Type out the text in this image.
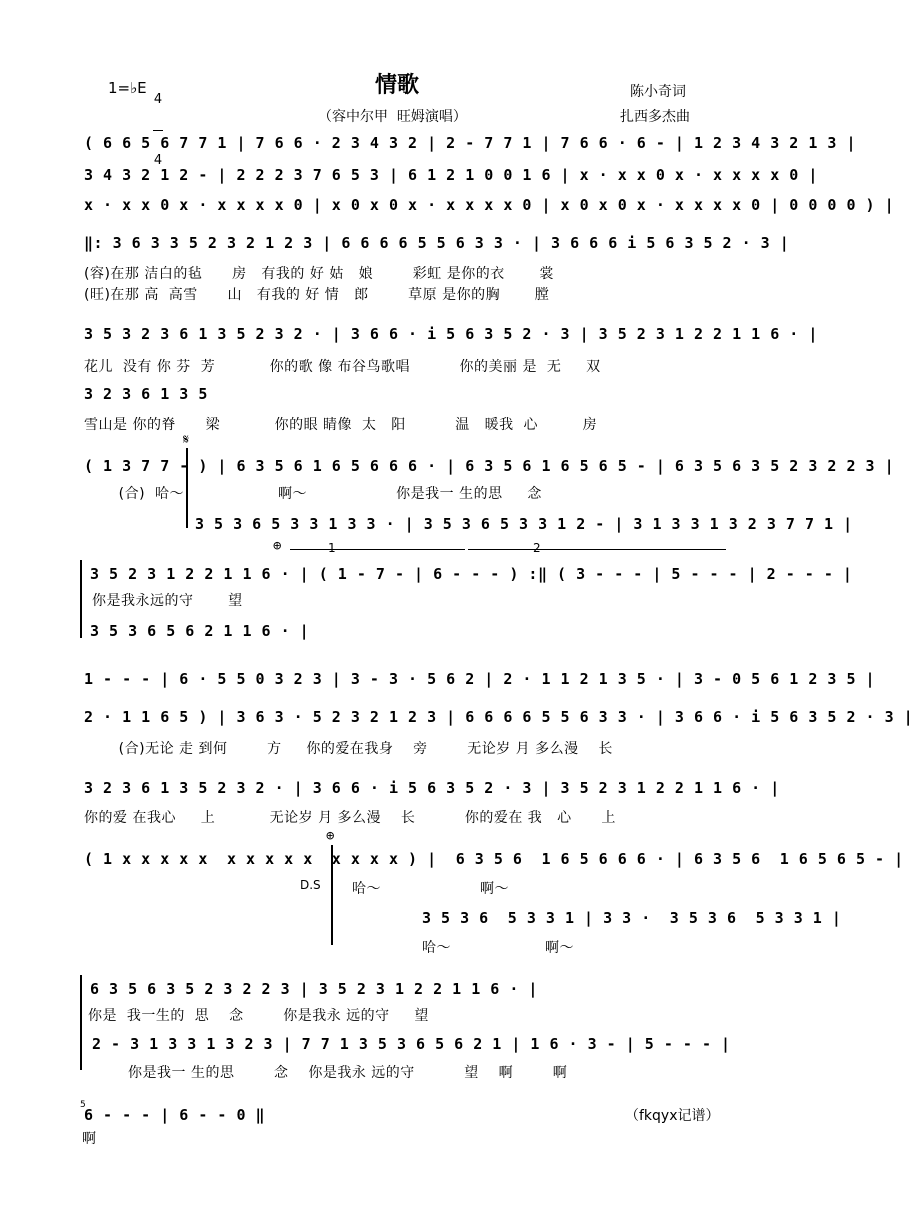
1=♭E

4

4

情歌
（容中尔甲  旺姆演唱）
陈小奇词
扎西多杰曲
( 6 6 5 6 7 7 1 | 7 6 6 · 2 3 4 3 2 | 2 - 7 7 1 | 7 6 6 · 6 - | 1 2 3 4 3 2 1 3 |
3 4 3 2 1 2 - | 2 2 2 3 7 6 5 3 | 6 1 2 1 0 0 1 6 | x · x x 0 x · x x x x 0 |
x · x x 0 x · x x x x 0 | x 0 x 0 x · x x x x 0 | x 0 x 0 x · x x x x 0 | 0 0 0 0 ) |
‖: 3 6 3 3 5 2 3 2 1 2 3 | 6 6 6 6 5 5 6 3 3 · | 3 6 6 6 i 5 6 3 5 2 · 3 |
(容)在那 洁白的毡      房   有我的 好 姑   娘        彩虹 是你的衣       裳
(旺)在那 高  高雪      山   有我的 好 情   郎        草原 是你的胸       膛
3 5 3 2 3 6 1 3 5 2 3 2 · | 3 6 6 · i 5 6 3 5 2 · 3 | 3 5 2 3 1 2 2 1 1 6 · |
花儿  没有 你 芬  芳           你的歌 像 布谷鸟歌唱          你的美丽 是  无     双
3 2 3 6 1 3 5
雪山是 你的脊      梁           你的眼 睛像  太   阳          温   暖我  心         房
𝄋
( 1 3 7 7 - ) | 6 3 5 6 1 6 5 6 6 6 · | 6 3 5 6 1 6 5 6 5 - | 6 3 5 6 3 5 2 3 2 2 3 |
(合)  哈～                   啊～                  你是我一 生的思     念
3 5 3 6 5 3 3 1 3 3 · | 3 5 3 6 5 3 3 1 2 - | 3 1 3 3 1 3 2 3 7 7 1 |
⊕	1	2
3 5 2 3 1 2 2 1 1 6 · | ( 1 - 7 - | 6 - - - ) :‖ ( 3 - - - | 5 - - - | 2 - - - |
你是我永远的守       望
3 5 3 6 5 6 2 1 1 6 · |
1 - - - | 6 · 5 5 0 3 2 3 | 3 - 3 · 5 6 2 | 2 · 1 1 2 1 3 5 · | 3 - 0 5 6 1 2 3 5 |
2 · 1 1 6 5 ) | 3 6 3 · 5 2 3 2 1 2 3 | 6 6 6 6 5 5 6 3 3 · | 3 6 6 · i 5 6 3 5 2 · 3 |
(合)无论 走 到何        方     你的爱在我身    旁        无论岁 月 多么漫    长
3 2 3 6 1 3 5 2 3 2 · | 3 6 6 · i 5 6 3 5 2 · 3 | 3 5 2 3 1 2 2 1 1 6 · |
你的爱 在我心     上           无论岁 月 多么漫    长          你的爱在 我   心      上
⊕
( 1 x x x x x  x x x x x  x x x x ) |  6 3 5 6  1 6 5 6 6 6 · | 6 3 5 6  1 6 5 6 5 - |
D.S 哈～                    啊～
3 5 3 6  5 3 3 1 | 3 3 ·  3 5 3 6  5 3 3 1 |
哈～                   啊～
6 3 5 6 3 5 2 3 2 2 3 | 3 5 2 3 1 2 2 1 1 6 · |
你是  我一生的  思    念        你是我永 远的守     望
2 - 3 1 3 3 1 3 2 3 | 7 7 1 3 5 3 6 5 6 2 1 | 1 6 · 3 - | 5 - - - |
你是我一 生的思        念    你是我永 远的守          望    啊        啊
5
6 - - - | 6 - - 0 ‖
啊
（fkqyx记谱）
